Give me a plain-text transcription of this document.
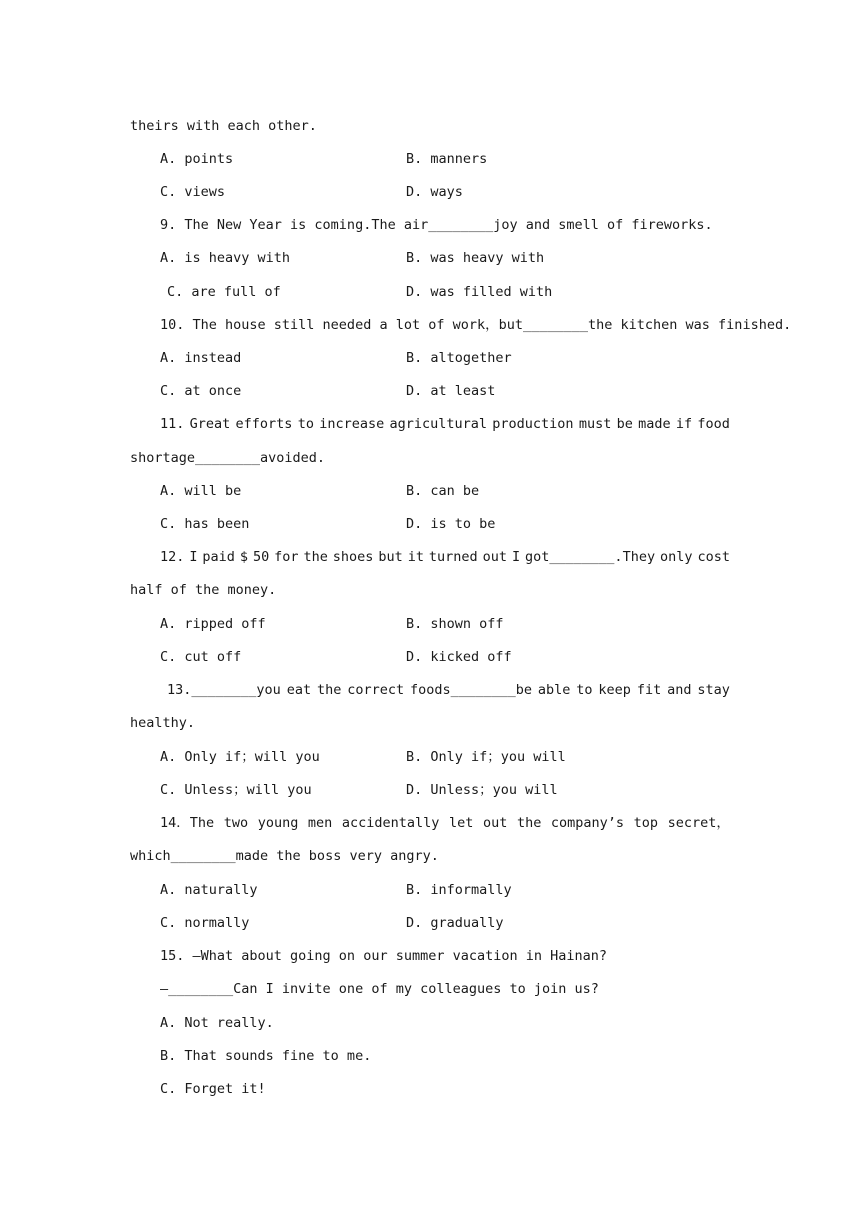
theirs with each other.
A. points	B. manners
C. views	D. ways
9. The New Year is coming.The air________joy and smell of fireworks.
A. is heavy with	B. was heavy with
C. are full of	D. was filled with
10. The house still needed a lot of work，but________the kitchen was finished.
A. instead	B. altogether
C. at once	D. at least
11. Great efforts to increase agricultural production must be made if food
shortage________avoided.
A. will be	B. can be
C. has been	D. is to be
12. I paid $ 50 for the shoes but it turned out I got________.They only cost
half of the money.
A. ripped off	B. shown off
C. cut off	D. kicked off
13.________you eat the correct foods________be able to keep fit and stay
healthy.
A. Only if；will you	B. Only if；you will
C. Unless；will you	D. Unless；you will
14．The two young men accidentally let out the company’s top secret，
which________made the boss very angry.
A. naturally	B. informally
C. normally	D. gradually
15. —What about going on our summer vacation in Hainan?
—________Can I invite one of my colleagues to join us?
A. Not really.
B. That sounds fine to me.
C. Forget it!
